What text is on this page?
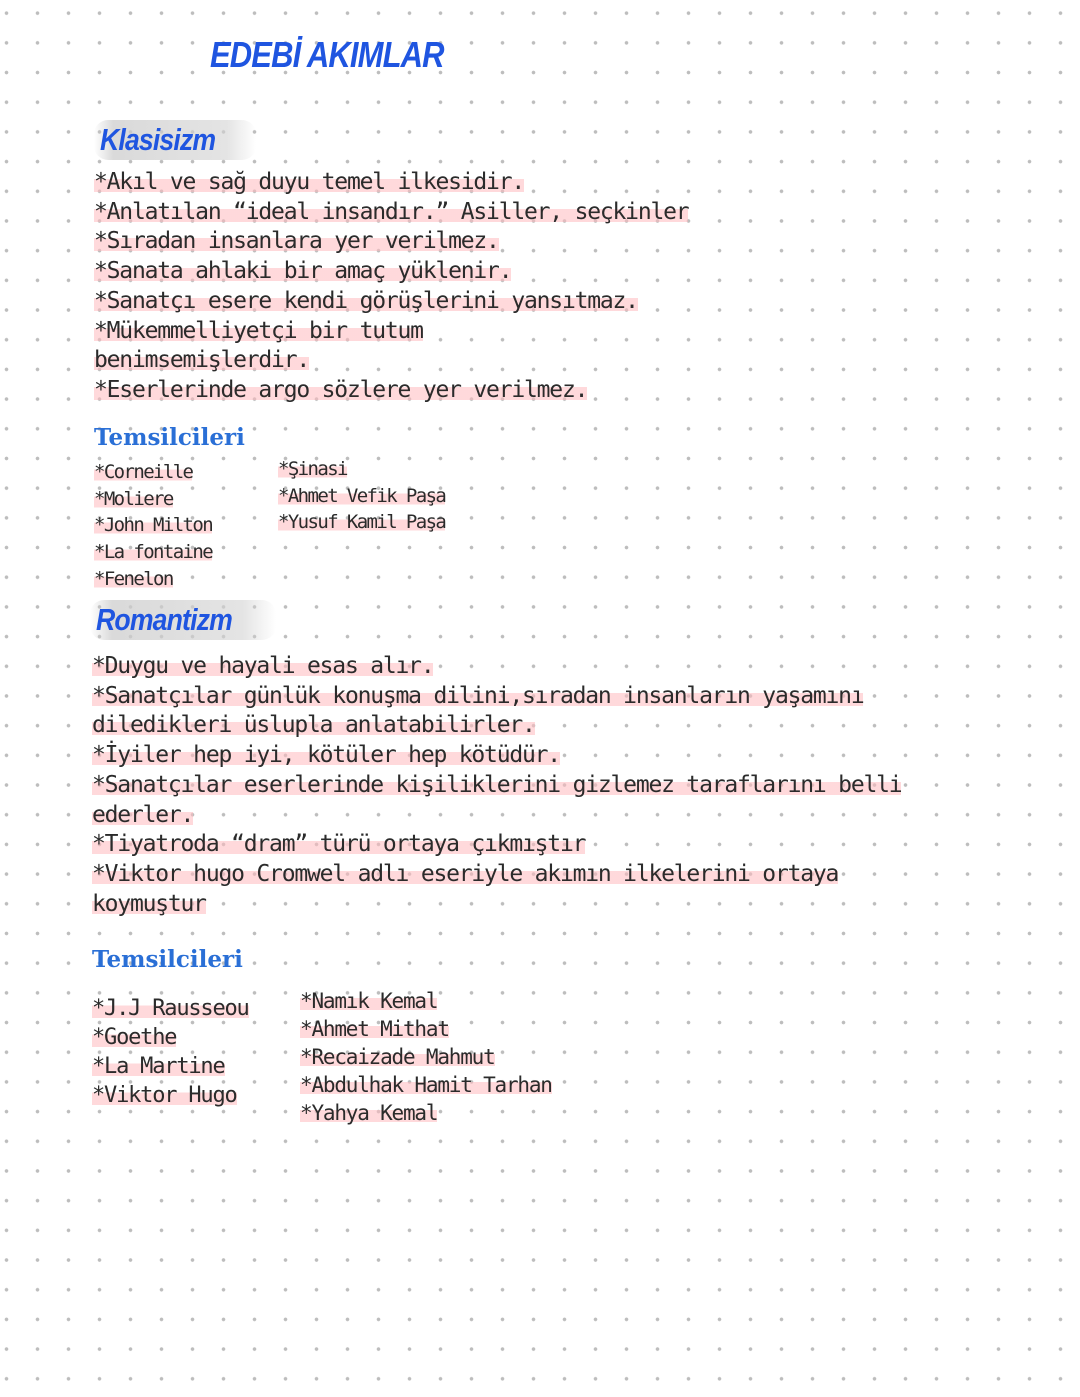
EDEBİ AKIMLAR
Klasisizm
*Akıl ve sağ duyu temel ilkesidir.
*Anlatılan “ideal insandır.” Asiller, seçkinler
*Sıradan insanlara yer verilmez.
*Sanata ahlaki bir amaç yüklenir.
*Sanatçı esere kendi görüşlerini yansıtmaz.
*Mükemmelliyetçi bir tutum
benimsemişlerdir.
*Eserlerinde argo sözlere yer verilmez.
Temsilcileri
*Corneille
*Moliere
*John Milton
*La fontaine
*Fenelon
*Şinasi
*Ahmet Vefik Paşa
*Yusuf Kamil Paşa
Romantizm
*Duygu ve hayali esas alır.
*Sanatçılar günlük konuşma dilini,sıradan insanların yaşamını
diledikleri üslupla anlatabilirler.
*İyiler hep iyi, kötüler hep kötüdür.
*Sanatçılar eserlerinde kişiliklerini gizlemez taraflarını belli
ederler.
*Tiyatroda “dram” türü ortaya çıkmıştır
*Viktor hugo Cromwel adlı eseriyle akımın ilkelerini ortaya
koymuştur
Temsilcileri
*J.J Rausseou
*Goethe
*La Martine
*Viktor Hugo
*Namık Kemal
*Ahmet Mithat
*Recaizade Mahmut
*Abdulhak Hamit Tarhan
*Yahya Kemal
